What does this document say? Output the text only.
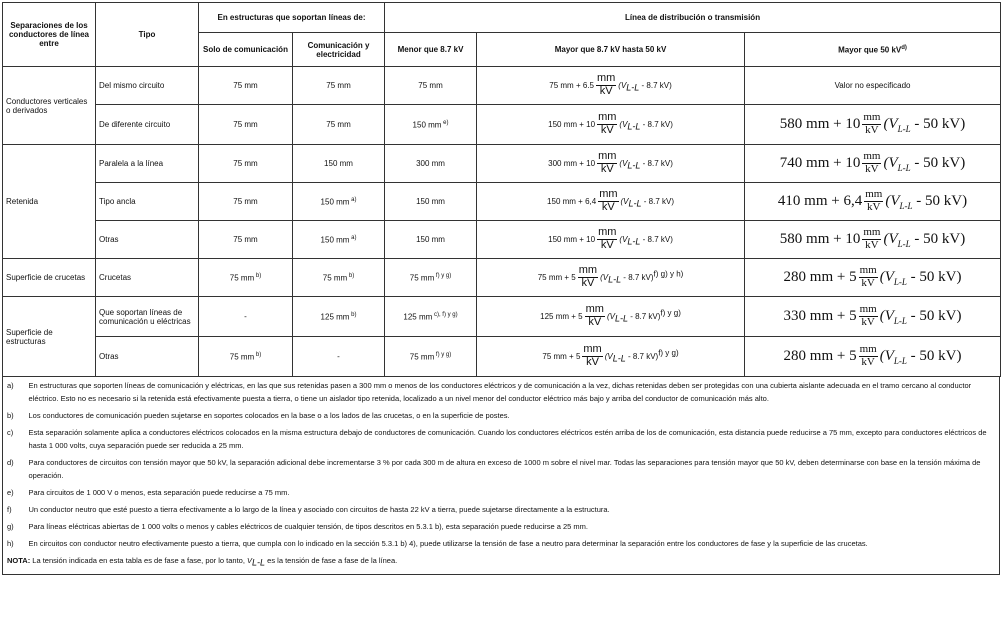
Separaciones de los conductores de línea entre	Tipo	En estructuras que soportan líneas de:		Línea de distribución o transmisión		
		Solo de comunicación	Comunicación y electricidad	Menor que 8.7 kV	Mayor que 8.7 kV hasta 50 kV	Mayor que 50 $kV^{d)}$
Conductores verticales o derivados	Del mismo circuito	75 mm	75 mm	75 mm	75 mm + $6.5 \frac{mm}{kV} (V_{L-L} - 8.7$ kV)	Valor no especificado
	De diferente circuito	75 mm	75 mm	150 mm $^{e)}$	150 mm + $10 \frac{mm}{kV} (V_{L-L} - 8.7$ kV)	580 mm + $10 \frac{mm}{kV} (V_{L-L} - 50$ kV)
Retenida	Paralela a la línea	75 mm	150 mm	300 mm	300 mm + $10 \frac{mm}{kV} (V_{L-L} - 8.7$ kV)	740 mm + $10 \frac{mm}{kV} (V_{L-L} - 50$ kV)
	Tipo ancla	75 mm	150 mm $^{a)}$	150 mm	150 mm + $6,4 \frac{mm}{kV} (V_{L-L} - 8.7$ kV)	410 mm + $6,4 \frac{mm}{kV} (V_{L-L} - 50$ kV)
	Otras	75 mm	150 mm $^{a)}$	150 mm	150 mm + $10 \frac{mm}{kV} (V_{L-L} - 8.7$ kV)	580 mm + $10 \frac{mm}{kV} (V_{L-L} - 50$ kV)
Superficie de crucetas	Crucetas	75 mm $^{b)}$	75 mm $^{b)}$	75 mm $^{f) y g)}$	75 mm + $5 \frac{mm}{kV} (V_{L-L} - 8.7$ kV)f) g) y h)	280 mm + $5 \frac{mm}{kV} (V_{L-L} - 50$ kV)
Superficie de estructuras	Que soportan líneas de comunicación u eléctricas	-	125 mm $^{b)}$	125 mm $^{c), f) y g)}$	125 mm + $5 \frac{mm}{kV} (V_{L-L} - 8.7$ kV)f) y g)	330 mm + $5 \frac{mm}{kV} (V_{L-L} - 50$ kV)
	Otras	75 mm $^{b)}$	-	75 mm $^{f) y g)}$	75 mm + $5 \frac{mm}{kV} (V_{L-L} - 8.7$ kV)f) y g)	280 mm + $5 \frac{mm}{kV} (V_{L-L} - 50$ kV)
a)	En estructuras que soporten líneas de comunicación y eléctricas, en las que sus retenidas pasen a 300 mm o menos de los conductores eléctricos y de comunicación a la vez, dichas retenidas deben ser protegidas con una cubierta aislante adecuada en el tramo cercano al conductor eléctrico. Esto no es necesario si la retenida está efectivamente puesta a tierra, o tiene un aislador tipo retenida, localizado a un nivel menor del conductor eléctrico más bajo y arriba del conductor de comunicación más alto.
b)	Los conductores de comunicación pueden sujetarse en soportes colocados en la base o a los lados de las crucetas, o en la superficie de postes.
c)	Esta separación solamente aplica a conductores eléctricos colocados en la misma estructura debajo de conductores de comunicación. Cuando los conductores eléctricos estén arriba de los de comunicación, esta distancia puede reducirse a 75 mm, excepto para conductores eléctricos de hasta 1 000 volts, cuya separación puede ser reducida a 25 mm.
d)	Para conductores de circuitos con tensión mayor que 50 kV, la separación adicional debe incrementarse 3 % por cada 300 m de altura en exceso de 1000 m sobre el nivel mar. Todas las separaciones para tensión mayor que 50 kV, deben determinarse con base en la tensión máxima de operación.
e)	Para circuitos de 1 000 V o menos, esta separación puede reducirse a 75 mm.
f)	Un conductor neutro que esté puesto a tierra efectivamente a lo largo de la línea y asociado con circuitos de hasta 22 kV a tierra, puede sujetarse directamente a la estructura.
g)	Para líneas eléctricas abiertas de 1 000 volts o menos y cables eléctricos de cualquier tensión, de tipos descritos en 5.3.1 b), esta separación puede reducirse a 25 mm.
h)	En circuitos con conductor neutro efectivamente puesto a tierra, que cumpla con lo indicado en la sección 5.3.1 b) 4), puede utilizarse la tensión de fase a neutro para determinar la separación entre los conductores de fase y la superficie de las crucetas.
NOTA: La tensión indicada en esta tabla es de fase a fase, por lo tanto, $V_{L-L}$ es la tensión de fase a fase de la línea.	
